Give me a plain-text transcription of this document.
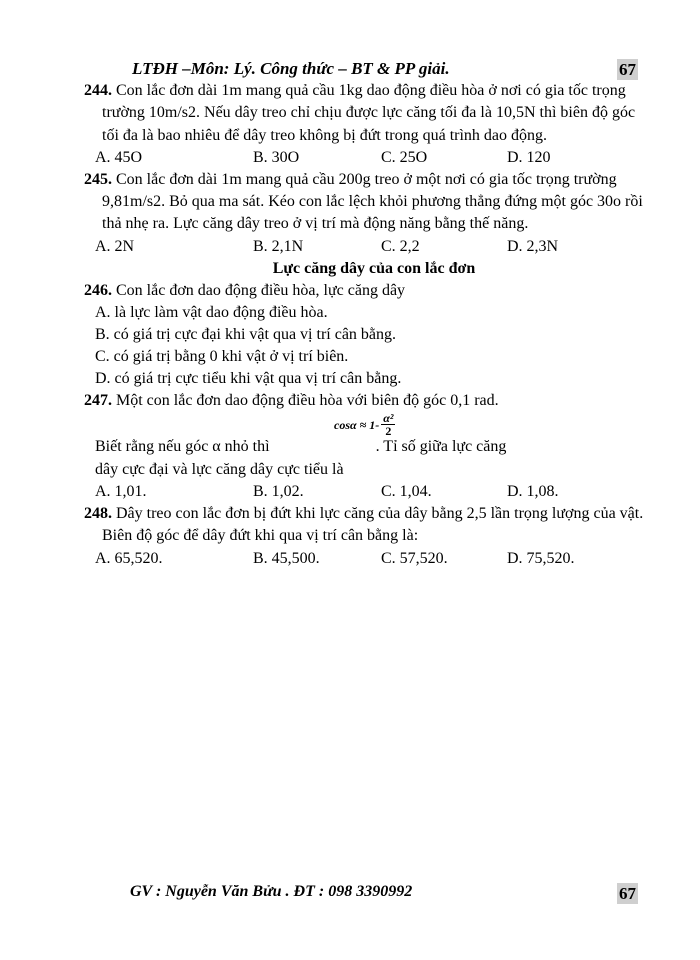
LTĐH –Môn: Lý. Công thức – BT & PP giải.	67
244. Con lắc đơn dài 1m mang quả cầu 1kg dao động điều hòa ở nơi có gia tốc trọng trường 10m/s2. Nếu dây treo chỉ chịu được lực căng tối đa là 10,5N thì biên độ góc tối đa là bao nhiêu để dây treo không bị đứt trong quá trình dao động.
A. 45O	B. 30O	C. 25O	D. 120
245. Con lắc đơn dài 1m mang quả cầu 200g treo ở một nơi có gia tốc trọng trường 9,81m/s2. Bỏ qua ma sát. Kéo con lắc lệch khỏi phương thẳng đứng một góc 30o rồi thả nhẹ ra. Lực căng dây treo ở vị trí mà động năng bằng thế năng.
A. 2N	B. 2,1N	C. 2,2	D. 2,3N
Lực căng dây của con lắc đơn
246. Con lắc đơn dao động điều hòa, lực căng dây
A. là lực làm vật dao động điều hòa.
B. có giá trị cực đại khi vật qua vị trí cân bằng.
C. có giá trị bằng 0 khi vật ở vị trí biên.
D. có giá trị cực tiểu khi vật qua vị trí cân bằng.
247. Một con lắc đơn dao động điều hòa với biên độ góc 0,1 rad.
$\cos\alpha \approx 1- \frac{\text{α²}}{2}$
Biết rằng nếu góc α nhỏ thì	. Tỉ số giữa lực căng
dây cực đại và lực căng dây cực tiểu là
A. 1,01.	B. 1,02.	C. 1,04.	D. 1,08.
248. Dây treo con lắc đơn bị đứt khi lực căng của dây bằng 2,5 lần trọng lượng của vật. Biên độ góc để dây đứt khi qua vị trí cân bằng là:
A. 65,520.	B. 45,500.	C. 57,520.	D. 75,520.
GV : Nguyễn Văn Bửu . ĐT : 098 3390992	67
